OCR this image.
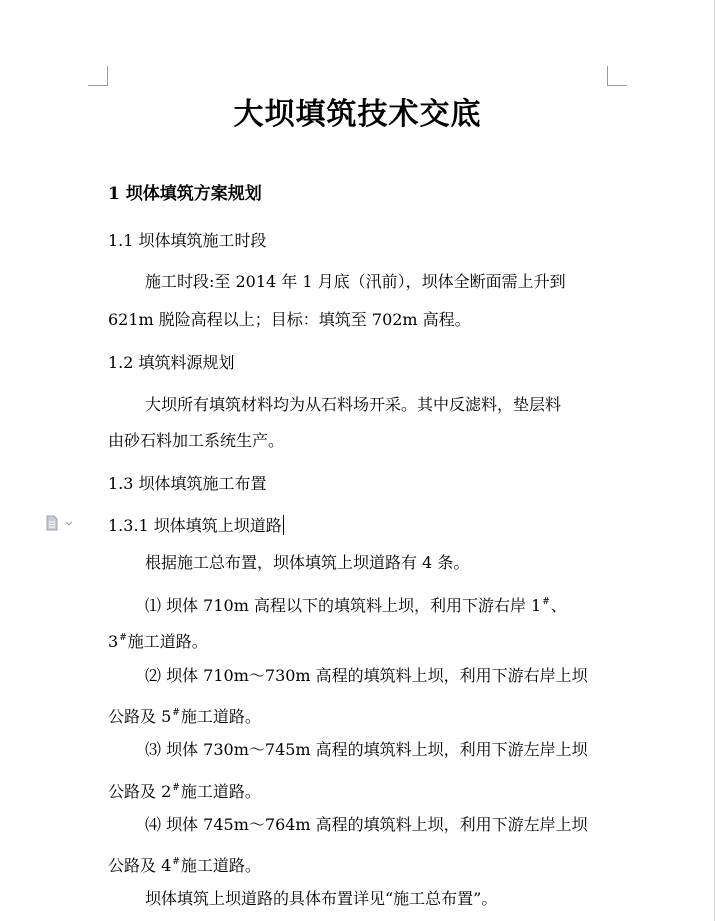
大坝填筑技术交底

1 坝体填筑方案规划

1.1 坝体填筑施工时段

施工时段:至 2014 年 1 月底（汛前），坝体全断面需上升到

621m 脱险高程以上；目标：填筑至 702m 高程。

1.2 填筑料源规划

大坝所有填筑材料均为从石料场开采。其中反滤料，垫层料

由砂石料加工系统生产。

1.3 坝体填筑施工布置

1.3.1 坝体填筑上坝道路

根据施工总布置，坝体填筑上坝道路有 4 条。

⑴ 坝体 710m 高程以下的填筑料上坝，利用下游右岸 1#、

3#施工道路。

⑵ 坝体 710m～730m 高程的填筑料上坝，利用下游右岸上坝

公路及 5#施工道路。

⑶ 坝体 730m～745m 高程的填筑料上坝，利用下游左岸上坝

公路及 2#施工道路。

⑷ 坝体 745m～764m 高程的填筑料上坝，利用下游左岸上坝

公路及 4#施工道路。

坝体填筑上坝道路的具体布置详见“施工总布置”。
